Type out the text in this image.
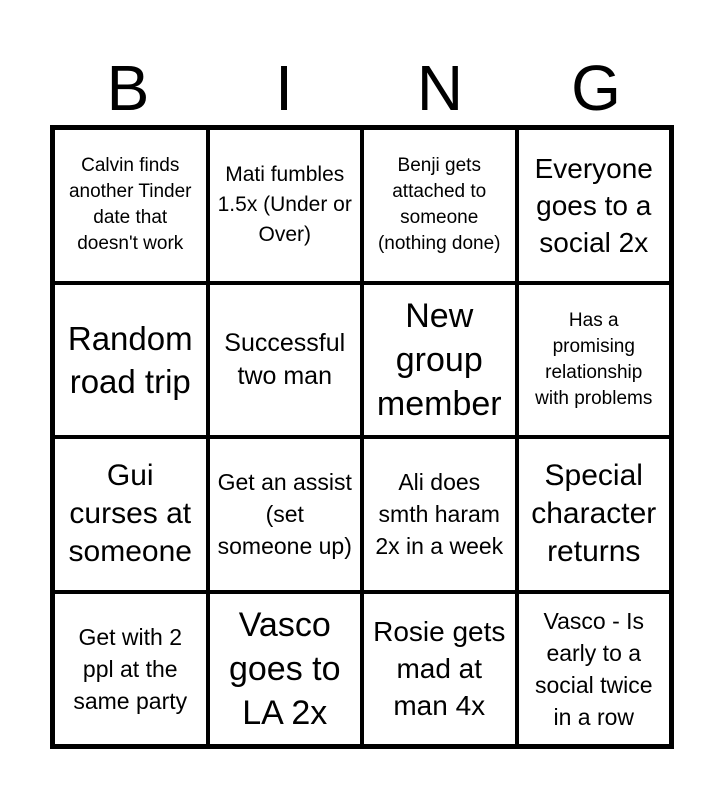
B	I	N	G
Calvin finds another Tinder date that doesn't work
Mati fumbles 1.5x (Under or Over)
Benji gets attached to someone (nothing done)
Everyone goes to a social 2x
Random road trip
Successful two man
New group member
Has a promising relationship with problems
Gui curses at someone
Get an assist (set someone up)
Ali does smth haram 2x in a week
Special character returns
Get with 2 ppl at the same party
Vasco goes to LA 2x
Rosie gets mad at man 4x
Vasco - Is early to a social twice in a row
